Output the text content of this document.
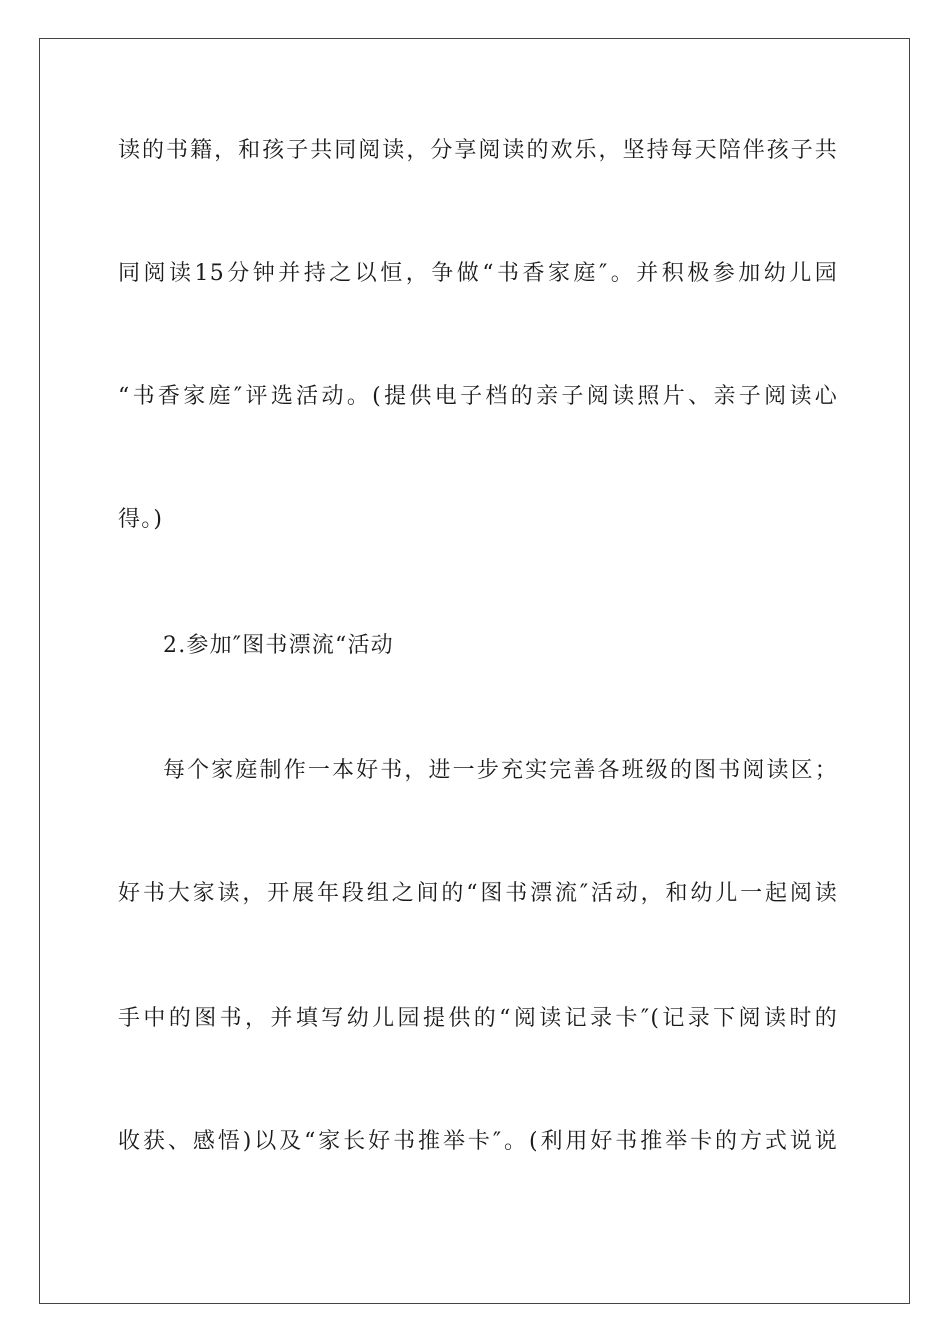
读的书籍，和孩子共同阅读，分享阅读的欢乐，坚持每天陪伴孩子共
同阅读15分钟并持之以恒，争做“书香家庭″。并积极参加幼儿园
“书香家庭″评选活动。(提供电子档的亲子阅读照片、亲子阅读心
得。)
2.参加″图书漂流“活动
每个家庭制作一本好书，进一步充实完善各班级的图书阅读区；
好书大家读，开展年段组之间的“图书漂流″活动，和幼儿一起阅读
手中的图书，并填写幼儿园提供的“阅读记录卡″(记录下阅读时的
收获、感悟)以及“家长好书推举卡″。(利用好书推举卡的方式说说
